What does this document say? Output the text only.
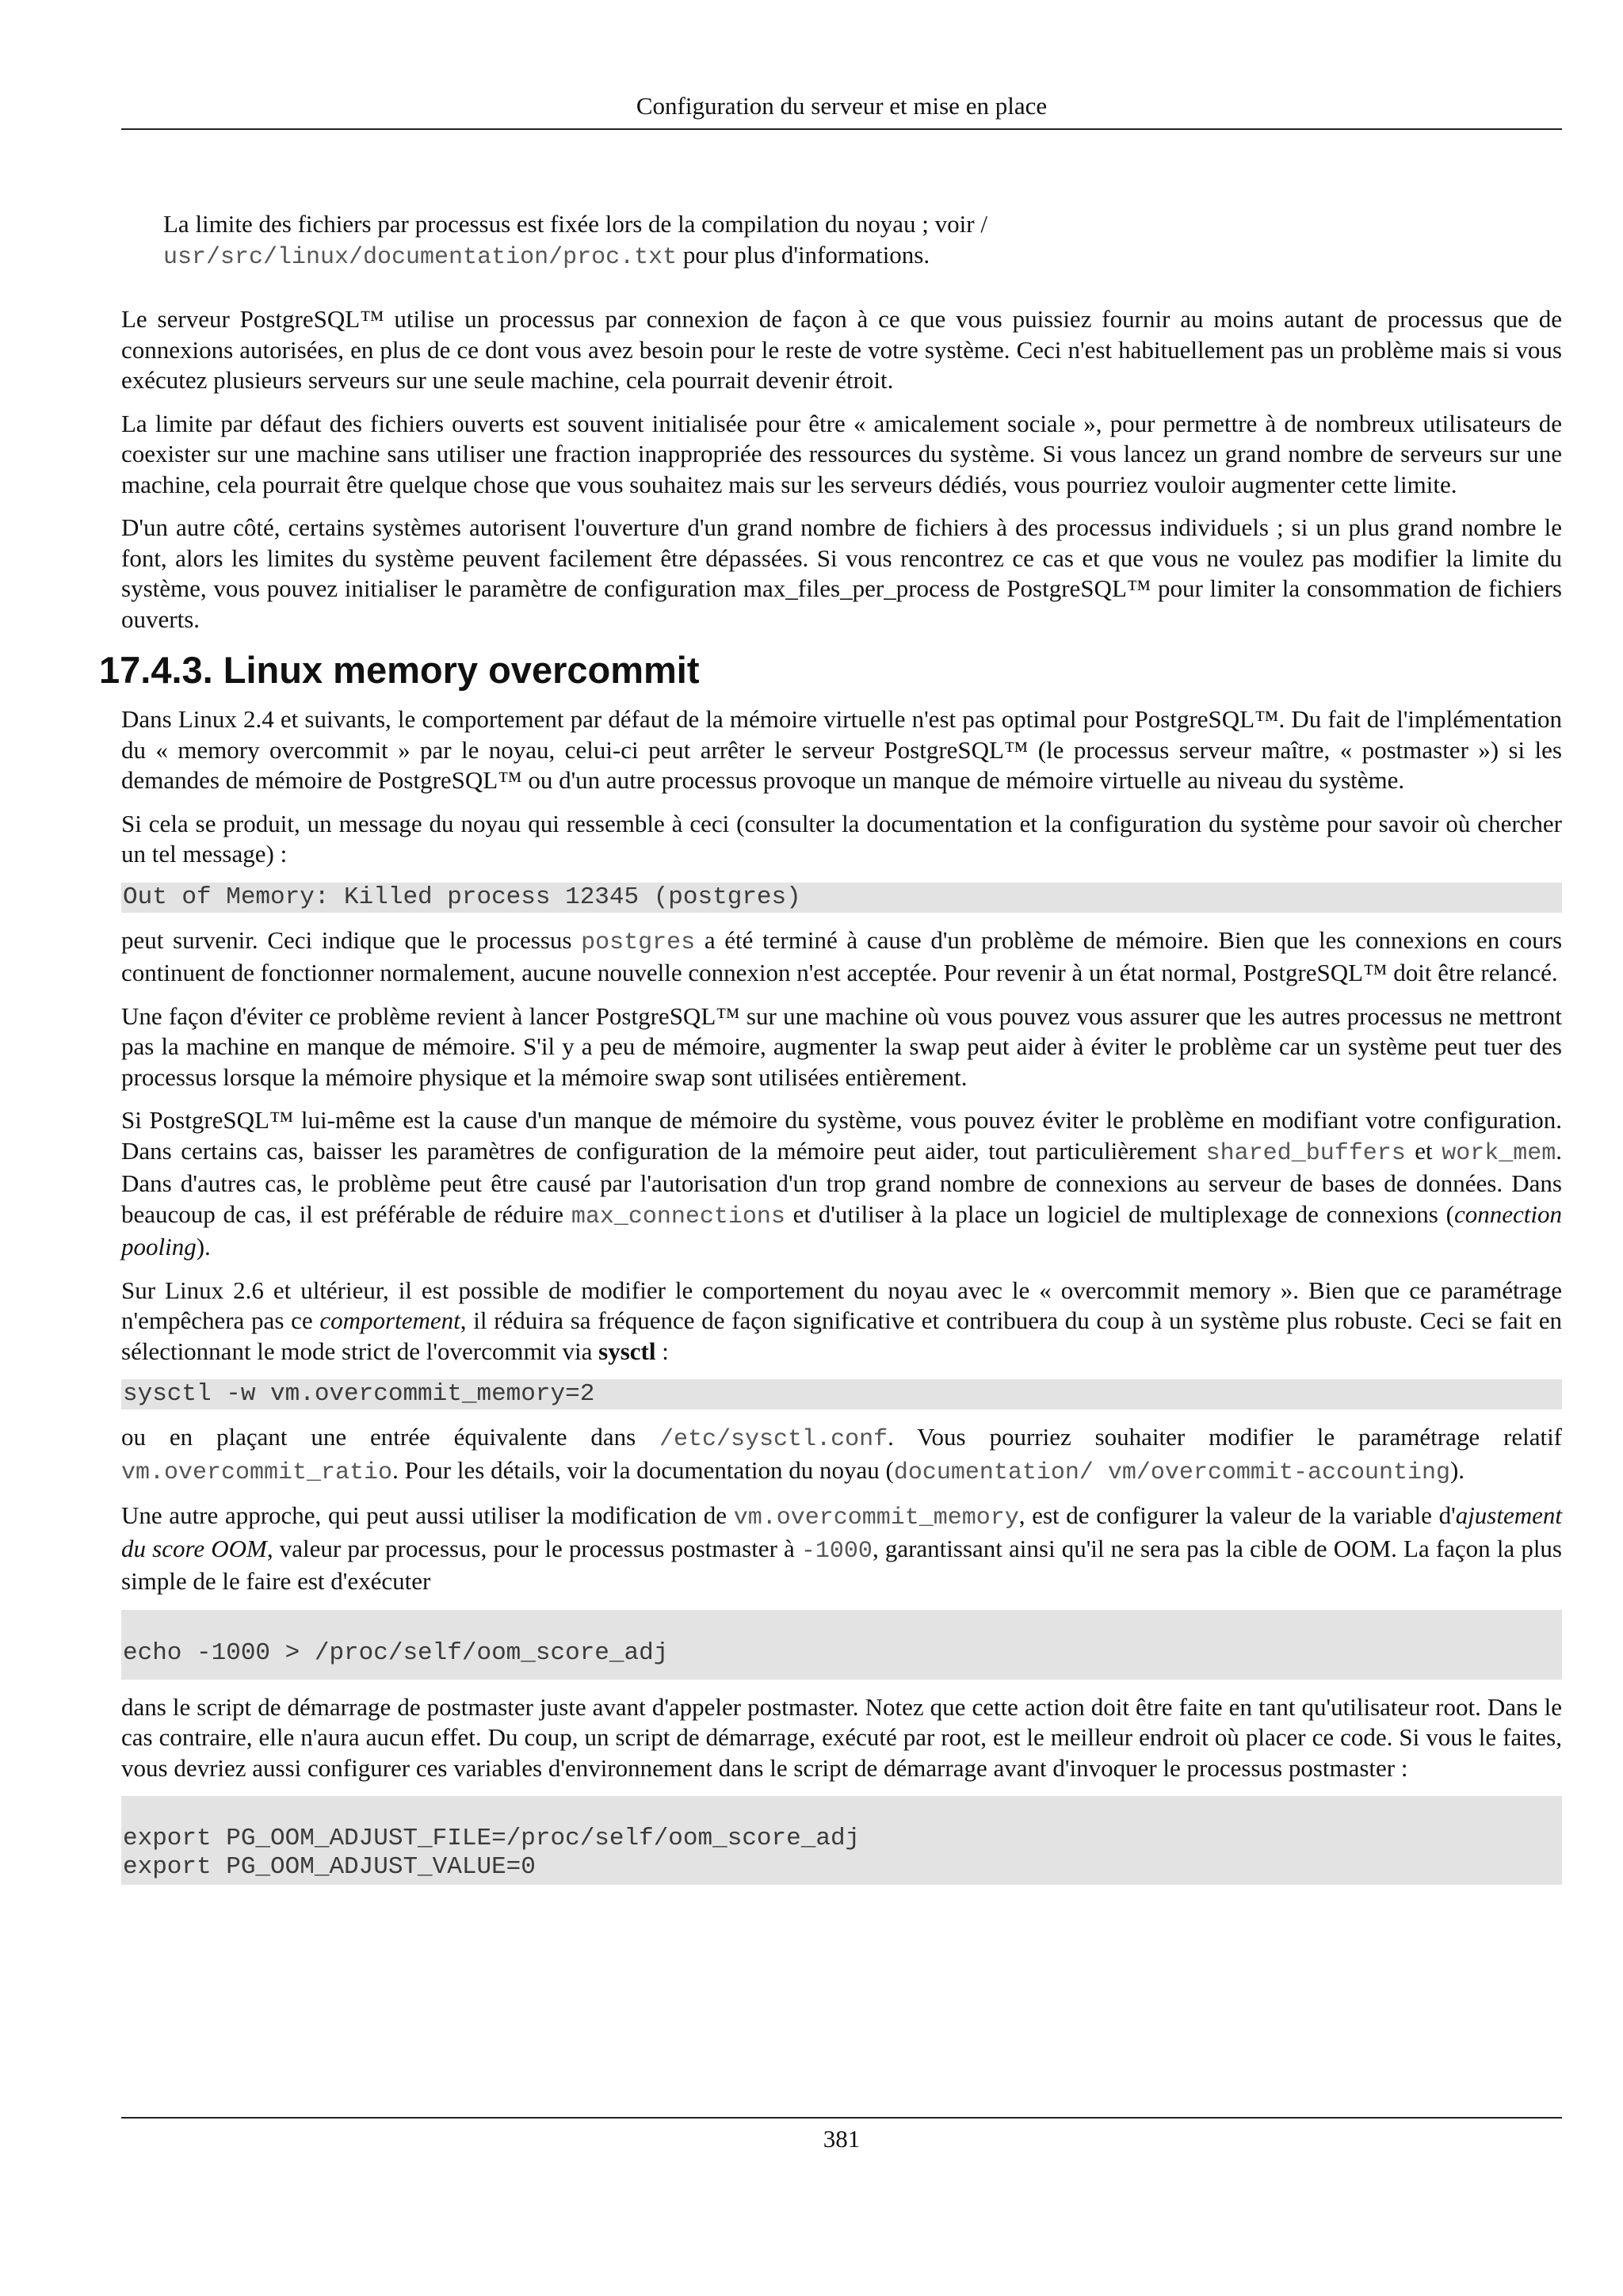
Configuration du serveur et mise en place

La limite des fichiers par processus est fixée lors de la compilation du noyau ; voir /
usr/src/linux/documentation/proc.txt pour plus d'informations.

Le serveur PostgreSQL™ utilise un processus par connexion de façon à ce que vous puissiez fournir au moins autant de processus que de connexions autorisées, en plus de ce dont vous avez besoin pour le reste de votre système. Ceci n'est habituellement pas un problème mais si vous exécutez plusieurs serveurs sur une seule machine, cela pourrait devenir étroit.

La limite par défaut des fichiers ouverts est souvent initialisée pour être « amicalement sociale », pour permettre à de nombreux utilisateurs de coexister sur une machine sans utiliser une fraction inappropriée des ressources du système. Si vous lancez un grand nombre de serveurs sur une machine, cela pourrait être quelque chose que vous souhaitez mais sur les serveurs dédiés, vous pourriez vouloir augmenter cette limite.

D'un autre côté, certains systèmes autorisent l'ouverture d'un grand nombre de fichiers à des processus individuels ; si un plus grand nombre le font, alors les limites du système peuvent facilement être dépassées. Si vous rencontrez ce cas et que vous ne voulez pas modifier la limite du système, vous pouvez initialiser le paramètre de configuration max_files_per_process de PostgreSQL™ pour limiter la consommation de fichiers ouverts.

17.4.3. Linux memory overcommit

Dans Linux 2.4 et suivants, le comportement par défaut de la mémoire virtuelle n'est pas optimal pour PostgreSQL™. Du fait de l'implémentation du « memory overcommit » par le noyau, celui-ci peut arrêter le serveur PostgreSQL™ (le processus serveur maître, « postmaster ») si les demandes de mémoire de PostgreSQL™ ou d'un autre processus provoque un manque de mémoire virtuelle au niveau du système.

Si cela se produit, un message du noyau qui ressemble à ceci (consulter la documentation et la configuration du système pour savoir où chercher un tel message) :

Out of Memory: Killed process 12345 (postgres)

peut survenir. Ceci indique que le processus postgres a été terminé à cause d'un problème de mémoire. Bien que les connexions en cours continuent de fonctionner normalement, aucune nouvelle connexion n'est acceptée. Pour revenir à un état normal, PostgreSQL™ doit être relancé.

Une façon d'éviter ce problème revient à lancer PostgreSQL™ sur une machine où vous pouvez vous assurer que les autres processus ne mettront pas la machine en manque de mémoire. S'il y a peu de mémoire, augmenter la swap peut aider à éviter le problème car un système peut tuer des processus lorsque la mémoire physique et la mémoire swap sont utilisées entièrement.

Si PostgreSQL™ lui-même est la cause d'un manque de mémoire du système, vous pouvez éviter le problème en modifiant votre configuration. Dans certains cas, baisser les paramètres de configuration de la mémoire peut aider, tout particulièrement shared_buffers et work_mem. Dans d'autres cas, le problème peut être causé par l'autorisation d'un trop grand nombre de connexions au serveur de bases de données. Dans beaucoup de cas, il est préférable de réduire max_connections et d'utiliser à la place un logiciel de multiplexage de connexions (connection pooling).

Sur Linux 2.6 et ultérieur, il est possible de modifier le comportement du noyau avec le « overcommit memory ». Bien que ce paramétrage n'empêchera pas ce comportement, il réduira sa fréquence de façon significative et contribuera du coup à un système plus robuste. Ceci se fait en sélectionnant le mode strict de l'overcommit via sysctl :

sysctl -w vm.overcommit_memory=2

ou en plaçant une entrée équivalente dans /etc/sysctl.conf. Vous pourriez souhaiter modifier le paramétrage relatif vm.overcommit_ratio. Pour les détails, voir la documentation du noyau (documentation/ vm/overcommit-accounting).

Une autre approche, qui peut aussi utiliser la modification de vm.overcommit_memory, est de configurer la valeur de la variable d'ajustement du score OOM, valeur par processus, pour le processus postmaster à -1000, garantissant ainsi qu'il ne sera pas la cible de OOM. La façon la plus simple de le faire est d'exécuter

echo -1000 > /proc/self/oom_score_adj

dans le script de démarrage de postmaster juste avant d'appeler postmaster. Notez que cette action doit être faite en tant qu'utilisateur root. Dans le cas contraire, elle n'aura aucun effet. Du coup, un script de démarrage, exécuté par root, est le meilleur endroit où placer ce code. Si vous le faites, vous devriez aussi configurer ces variables d'environnement dans le script de démarrage avant d'invoquer le processus postmaster :

export PG_OOM_ADJUST_FILE=/proc/self/oom_score_adj
export PG_OOM_ADJUST_VALUE=0
381
